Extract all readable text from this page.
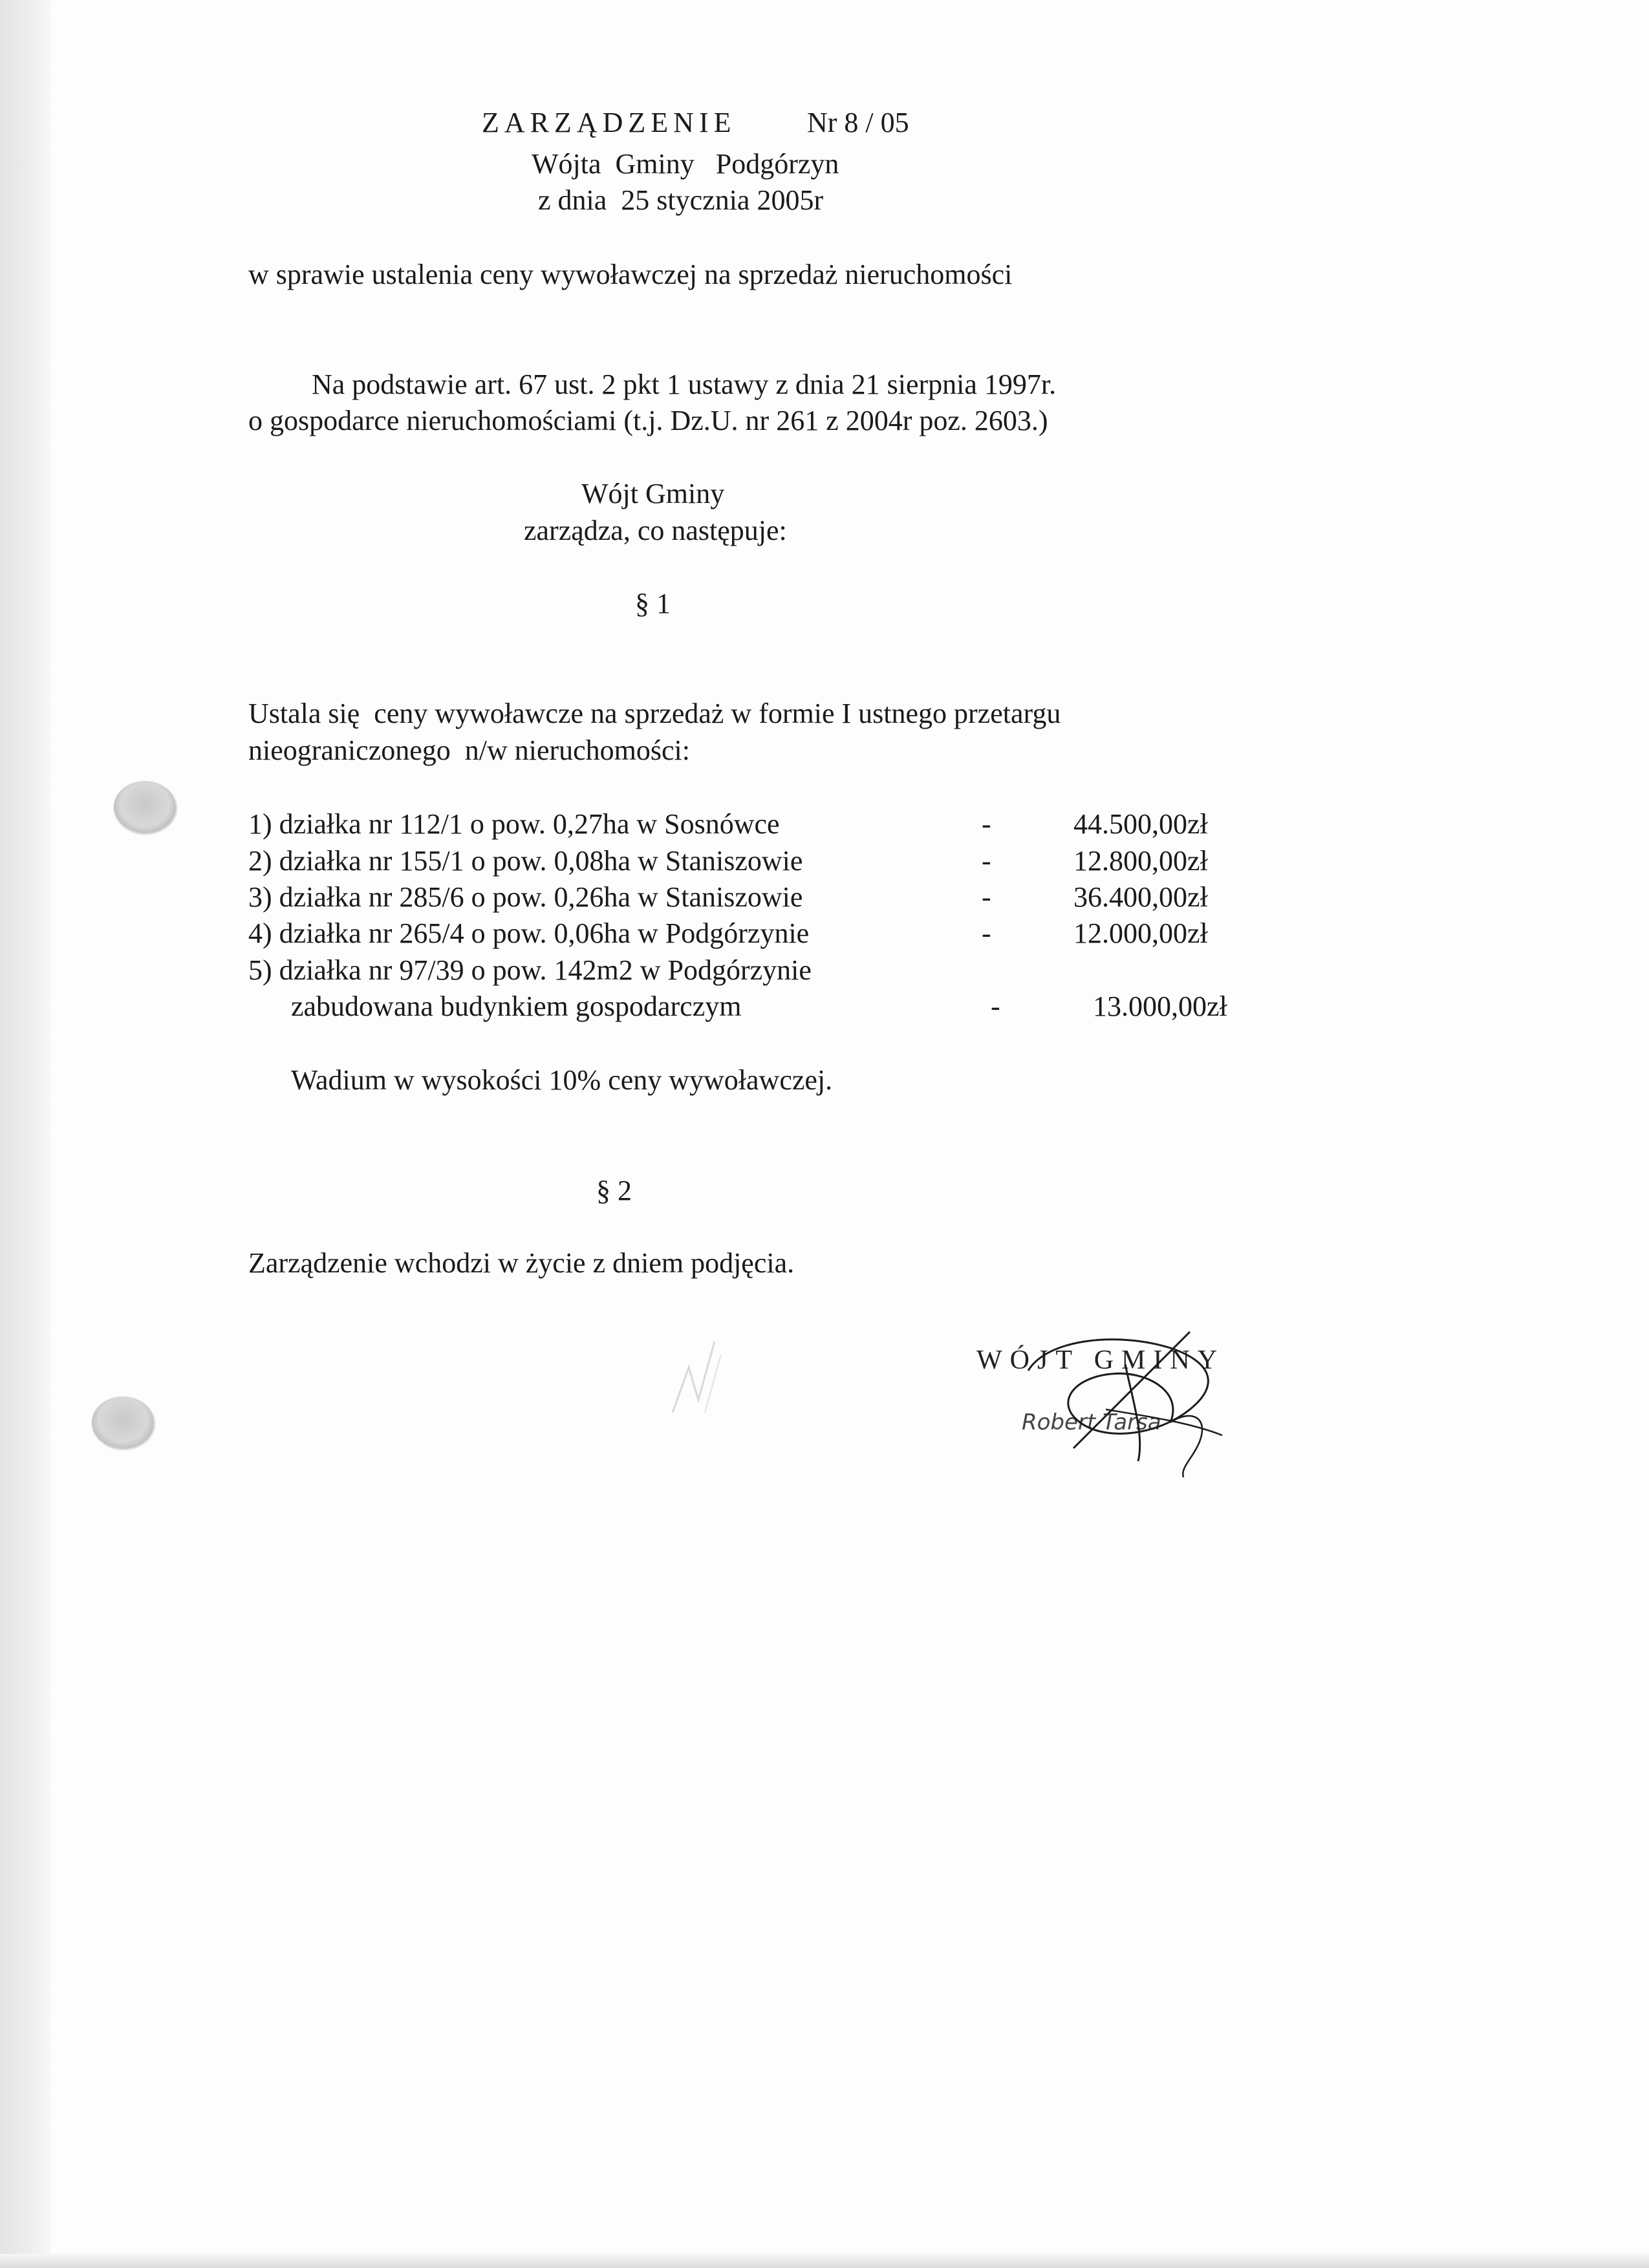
ZARZĄDZENIE Nr 8 / 05
Wójta  Gminy   Podgórzyn
z dnia  25 stycznia 2005r
w sprawie ustalenia ceny wywoławczej na sprzedaż nieruchomości
Na podstawie art. 67 ust. 2 pkt 1 ustawy z dnia 21 sierpnia 1997r.
o gospodarce nieruchomościami (t.j. Dz.U. nr 261 z 2004r poz. 2603.)
Wójt Gminy
zarządza, co następuje:
§ 1
Ustala się  ceny wywoławcze na sprzedaż w formie I ustnego przetargu
nieograniczonego  n/w nieruchomości:
1) działka nr 112/1 o pow. 0,27ha w Sosnówce	-	44.500,00zł
2) działka nr 155/1 o pow. 0,08ha w Staniszowie	-	12.800,00zł
3) działka nr 285/6 o pow. 0,26ha w Staniszowie	-	36.400,00zł
4) działka nr 265/4 o pow. 0,06ha w Podgórzynie	-	12.000,00zł
5) działka nr 97/39 o pow. 142m2 w Podgórzynie
zabudowana budynkiem gospodarczym	-	13.000,00zł
Wadium w wysokości 10% ceny wywoławczej.
§ 2
Zarządzenie wchodzi w życie z dniem podjęcia.
WÓJT GMINY
Robert Tarsa
